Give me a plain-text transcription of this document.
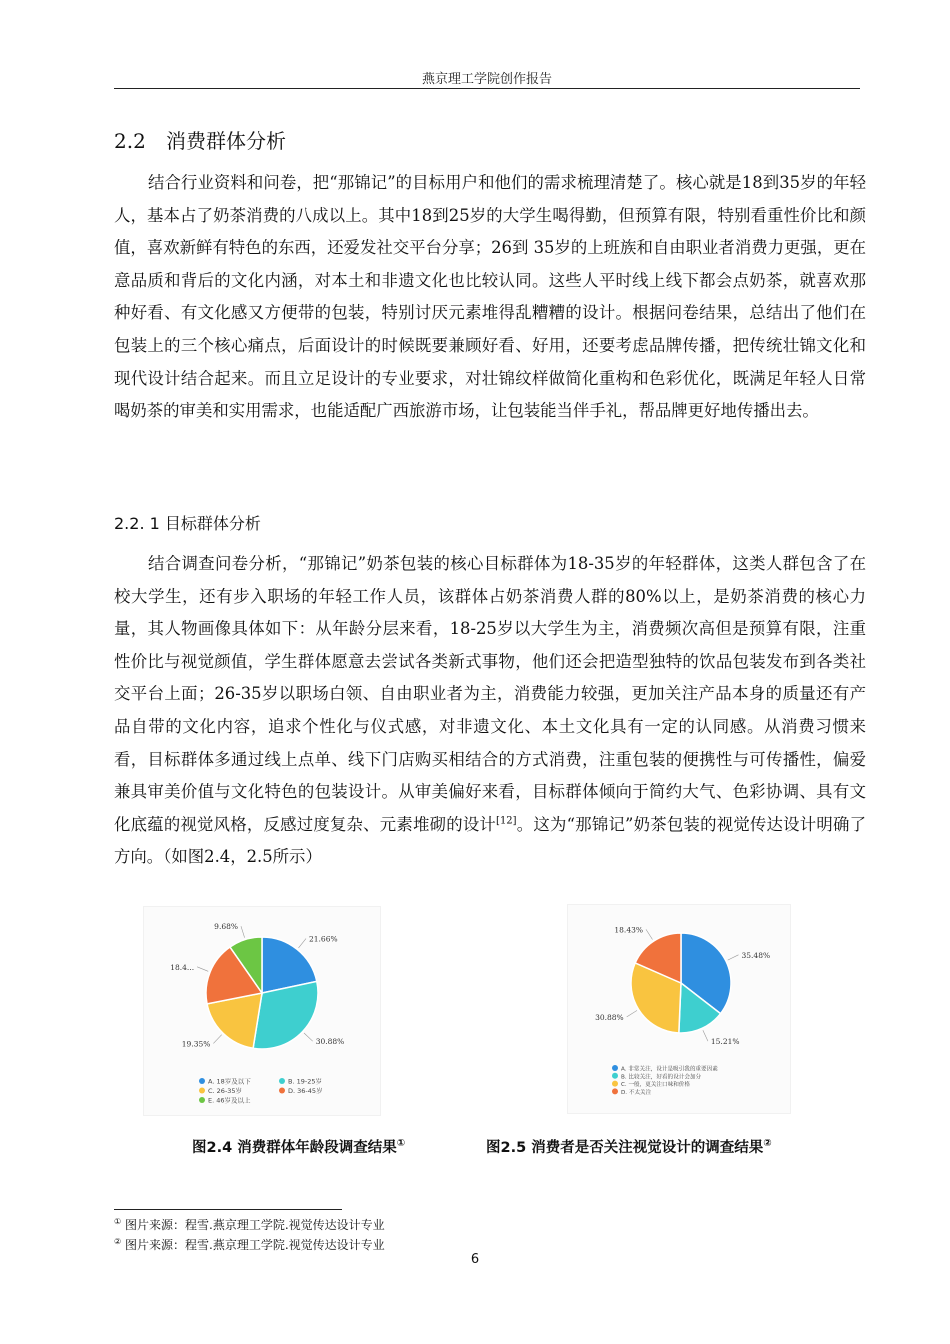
燕京理工学院创作报告
2.2 消费群体分析

结合行业资料和问卷，把“那锦记”的目标用户和他们的需求梳理清楚了。核心就是18到35岁的年轻人，基本占了奶茶消费的八成以上。其中18到25岁的大学生喝得勤，但预算有限，特别看重性价比和颜值，喜欢新鲜有特色的东西，还爱发社交平台分享；26到 35岁的上班族和自由职业者消费力更强，更在意品质和背后的文化内涵，对本土和非遗文化也比较认同。这些人平时线上线下都会点奶茶，就喜欢那种好看、有文化感又方便带的包装，特别讨厌元素堆得乱糟糟的设计。根据问卷结果，总结出了他们在包装上的三个核心痛点，后面设计的时候既要兼顾好看、好用，还要考虑品牌传播，把传统壮锦文化和现代设计结合起来。而且立足设计的专业要求，对壮锦纹样做简化重构和色彩优化，既满足年轻人日常喝奶茶的审美和实用需求，也能适配广西旅游市场，让包装能当伴手礼，帮品牌更好地传播出去。

2.2. 1 目标群体分析

结合调查问卷分析，“那锦记”奶茶包装的核心目标群体为18-35岁的年轻群体，这类人群包含了在校大学生，还有步入职场的年轻工作人员，该群体占奶茶消费人群的80%以上，是奶茶消费的核心力量，其人物画像具体如下：从年龄分层来看，18-25岁以大学生为主，消费频次高但是预算有限，注重性价比与视觉颜值，学生群体愿意去尝试各类新式事物，他们还会把造型独特的饮品包装发布到各类社交平台上面；26-35岁以职场白领、自由职业者为主，消费能力较强，更加关注产品本身的质量还有产品自带的文化内容，追求个性化与仪式感，对非遗文化、本土文化具有一定的认同感。从消费习惯来看，目标群体多通过线上点单、线下门店购买相结合的方式消费，注重包装的便携性与可传播性，偏爱兼具审美价值与文化特色的包装设计。从审美偏好来看，目标群体倾向于简约大气、色彩协调、具有文化底蕴的视觉风格，反感过度复杂、元素堆砌的设计[12]。这为“那锦记”奶茶包装的视觉传达设计明确了方向。（如图2.4，2.5所示）

21.66%
30.88%
19.35%
18.4...
9.68%
A. 18岁及以下	B. 19-25岁
C. 26-35岁	D. 36-45岁
E. 46岁及以上
35.48%
15.21%
30.88%
18.43%
A. 非常关注，设计是吸引我的重要因素
B. 比较关注，好看的设计会加分
C. 一般，更关注口味和价格
D. 不太关注
图2.4 消费群体年龄段调查结果①	图2.5 消费者是否关注视觉设计的调查结果②
① 图片来源：程雪.燕京理工学院.视觉传达设计专业
② 图片来源：程雪.燕京理工学院.视觉传达设计专业
6
